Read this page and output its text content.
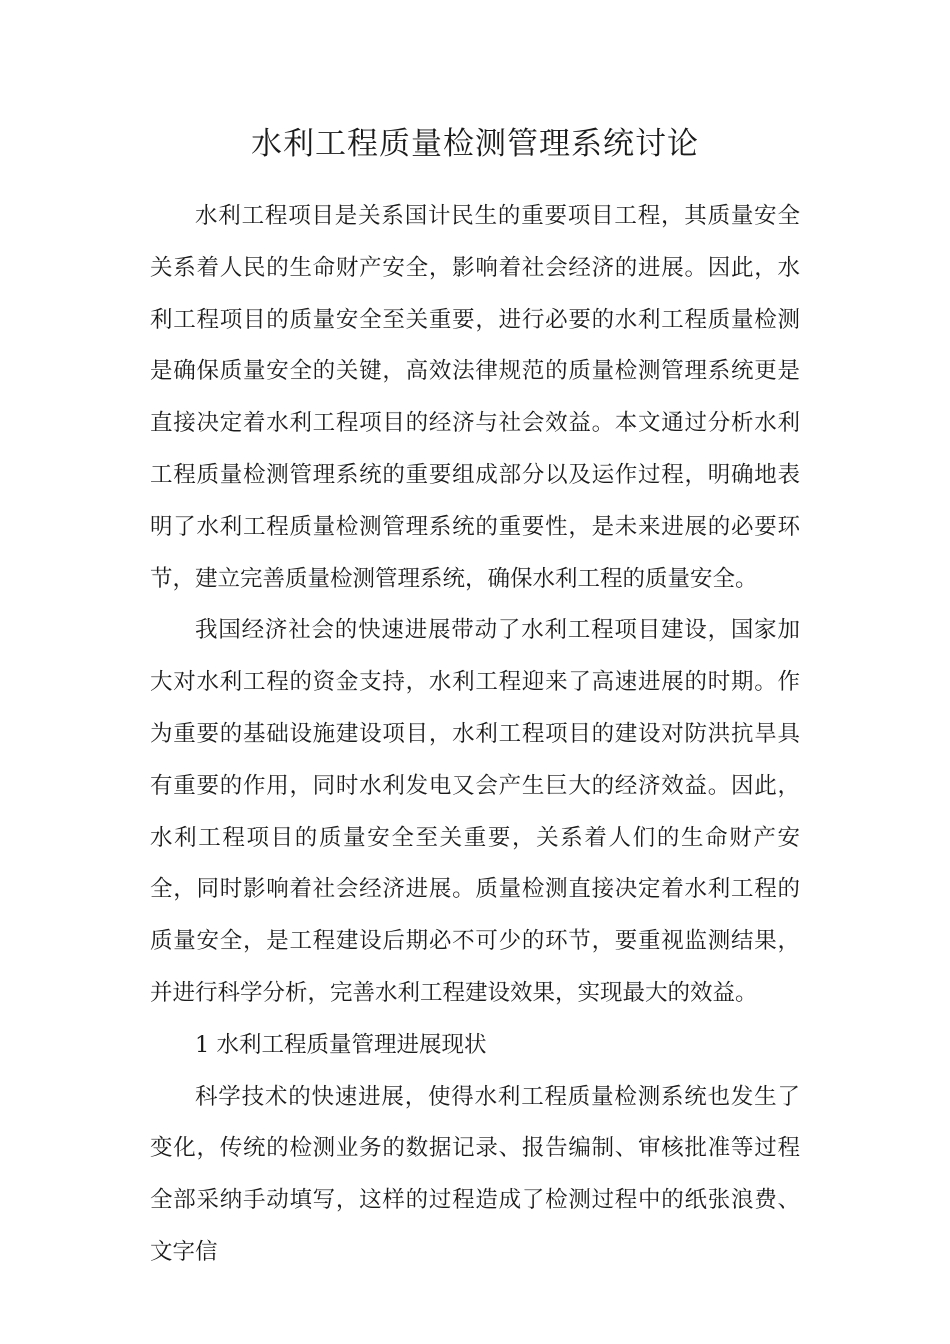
水利工程质量检测管理系统讨论

水利工程项目是关系国计民生的重要项目工程，其质量安全关系着人民的生命财产安全，影响着社会经济的进展。因此，水利工程项目的质量安全至关重要，进行必要的水利工程质量检测是确保质量安全的关键，高效法律规范的质量检测管理系统更是直接决定着水利工程项目的经济与社会效益。本文通过分析水利工程质量检测管理系统的重要组成部分以及运作过程，明确地表明了水利工程质量检测管理系统的重要性，是未来进展的必要环节，建立完善质量检测管理系统，确保水利工程的质量安全。

我国经济社会的快速进展带动了水利工程项目建设，国家加大对水利工程的资金支持，水利工程迎来了高速进展的时期。作为重要的基础设施建设项目，水利工程项目的建设对防洪抗旱具有重要的作用，同时水利发电又会产生巨大的经济效益。因此，水利工程项目的质量安全至关重要，关系着人们的生命财产安全，同时影响着社会经济进展。质量检测直接决定着水利工程的质量安全，是工程建设后期必不可少的环节，要重视监测结果，并进行科学分析，完善水利工程建设效果，实现最大的效益。

1 水利工程质量管理进展现状

科学技术的快速进展，使得水利工程质量检测系统也发生了变化，传统的检测业务的数据记录、报告编制、审核批准等过程全部采纳手动填写，这样的过程造成了检测过程中的纸张浪费、文字信
